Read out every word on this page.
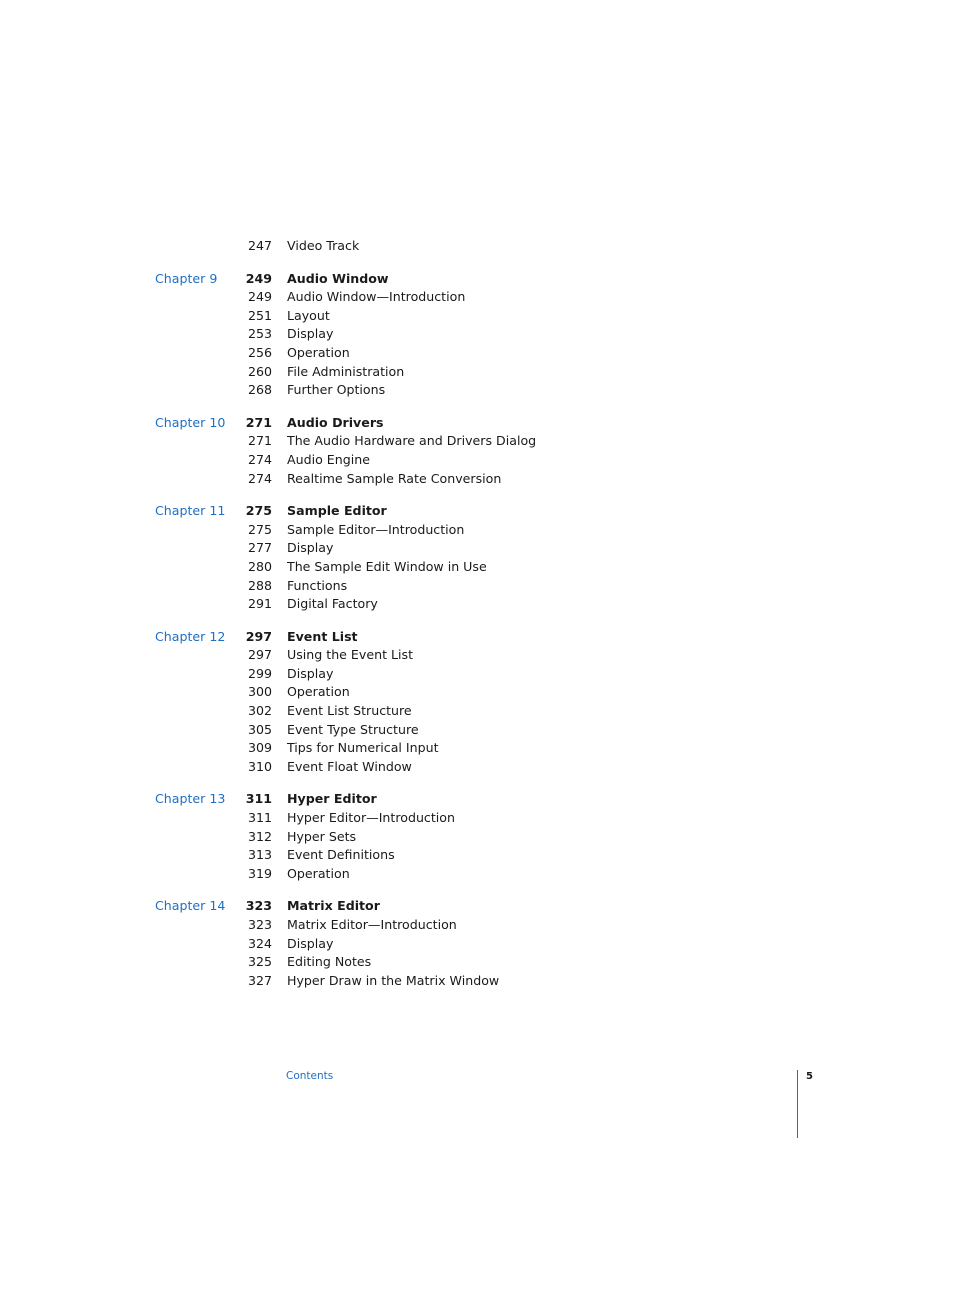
247 Video Track
Chapter 9	249 Audio Window
249 Audio Window—Introduction
251 Layout
253 Display
256 Operation
260 File Administration
268 Further Options
Chapter 10	271 Audio Drivers
271 The Audio Hardware and Drivers Dialog
274 Audio Engine
274 Realtime Sample Rate Conversion
Chapter 11	275 Sample Editor
275 Sample Editor—Introduction
277 Display
280 The Sample Edit Window in Use
288 Functions
291 Digital Factory
Chapter 12	297 Event List
297 Using the Event List
299 Display
300 Operation
302 Event List Structure
305 Event Type Structure
309 Tips for Numerical Input
310 Event Float Window
Chapter 13	311 Hyper Editor
311 Hyper Editor—Introduction
312 Hyper Sets
313 Event Definitions
319 Operation
Chapter 14	323 Matrix Editor
323 Matrix Editor—Introduction
324 Display
325 Editing Notes
327 Hyper Draw in the Matrix Window
Contents	5
